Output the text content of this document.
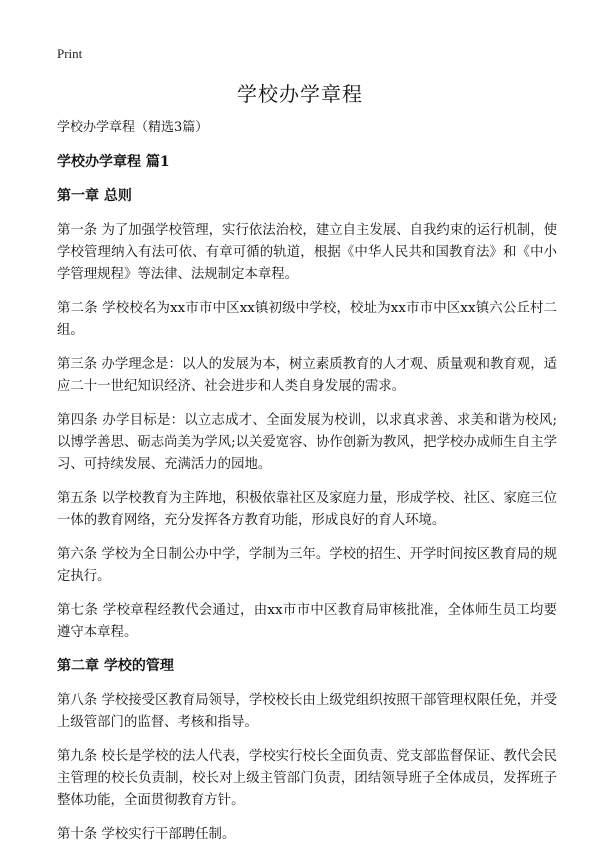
Print
学校办学章程

学校办学章程（精选3篇）

学校办学章程 篇1

第一章 总则

第一条 为了加强学校管理，实行依法治校，建立自主发展、自我约束的运行机制，使学校管理纳入有法可依、有章可循的轨道，根据《中华人民共和国教育法》和《中小学管理规程》等法律、法规制定本章程。

第二条 学校校名为xx市市中区xx镇初级中学校，校址为xx市市中区xx镇六公丘村二组。

第三条 办学理念是：以人的发展为本，树立素质教育的人才观、质量观和教育观，适应二十一世纪知识经济、社会进步和人类自身发展的需求。

第四条 办学目标是：以立志成才、全面发展为校训，以求真求善、求美和谐为校风;以博学善思、砺志尚美为学风;以关爱宽容、协作创新为教风，把学校办成师生自主学习、可持续发展、充满活力的园地。

第五条 以学校教育为主阵地，积极依靠社区及家庭力量，形成学校、社区、家庭三位一体的教育网络，充分发挥各方教育功能，形成良好的育人环境。

第六条 学校为全日制公办中学，学制为三年。学校的招生、开学时间按区教育局的规定执行。

第七条 学校章程经教代会通过，由xx市市中区教育局审核批准，全体师生员工均要遵守本章程。

第二章 学校的管理

第八条 学校接受区教育局领导，学校校长由上级党组织按照干部管理权限任免，并受上级管部门的监督、考核和指导。

第九条 校长是学校的法人代表，学校实行校长全面负责、党支部监督保证、教代会民主管理的校长负责制，校长对上级主管部门负责，团结领导班子全体成员，发挥班子整体功能，全面贯彻教育方针。

第十条 学校实行干部聘任制。
